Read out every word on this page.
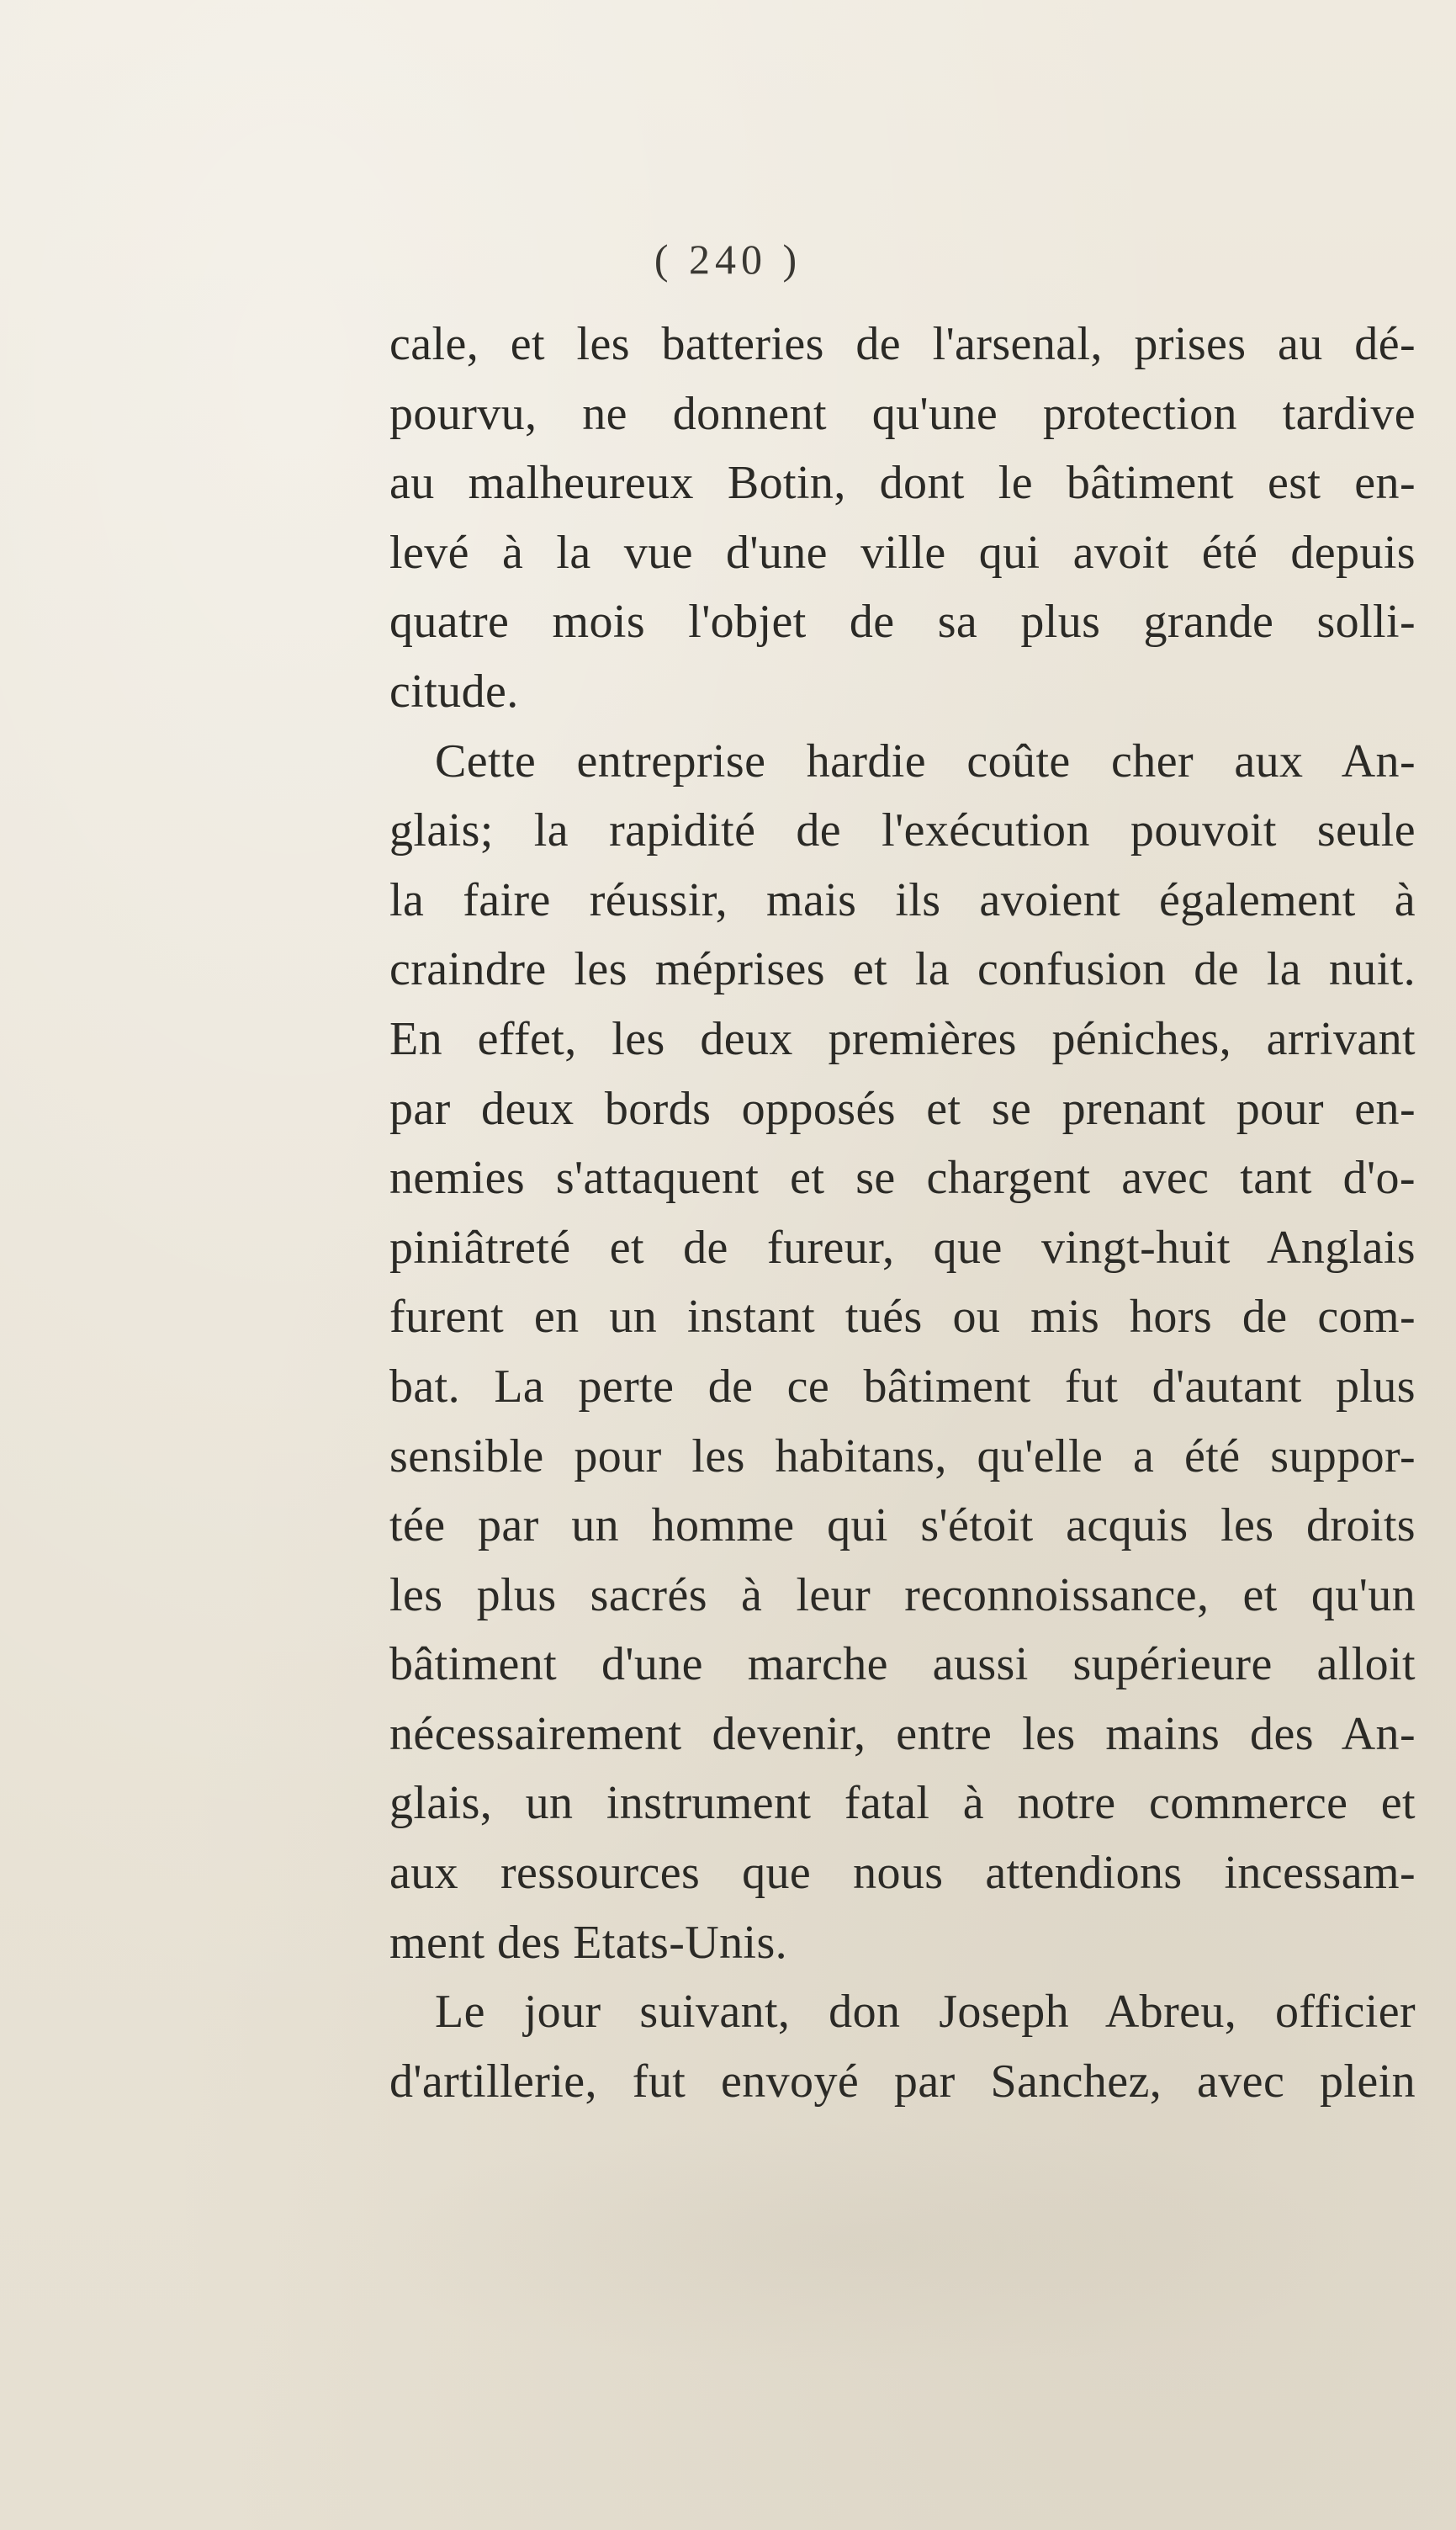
( 240 )
cale, et les batteries de l'arsenal, prises au dé-
pourvu, ne donnent qu'une protection tardive
au malheureux Botin, dont le bâtiment est en-
levé à la vue d'une ville qui avoit été depuis
quatre mois l'objet de sa plus grande solli-
citude.
Cette entreprise hardie coûte cher aux An-
glais; la rapidité de l'exécution pouvoit seule
la faire réussir, mais ils avoient également à
craindre les méprises et la confusion de la nuit.
En effet, les deux premières péniches, arrivant
par deux bords opposés et se prenant pour en-
nemies s'attaquent et se chargent avec tant d'o-
piniâtreté et de fureur, que vingt-huit Anglais
furent en un instant tués ou mis hors de com-
bat. La perte de ce bâtiment fut d'autant plus
sensible pour les habitans, qu'elle a été suppor-
tée par un homme qui s'étoit acquis les droits
les plus sacrés à leur reconnoissance, et qu'un
bâtiment d'une marche aussi supérieure alloit
nécessairement devenir, entre les mains des An-
glais, un instrument fatal à notre commerce et
aux ressources que nous attendions incessam-
ment des Etats-Unis.
Le jour suivant, don Joseph Abreu, officier
d'artillerie, fut envoyé par Sanchez, avec plein
